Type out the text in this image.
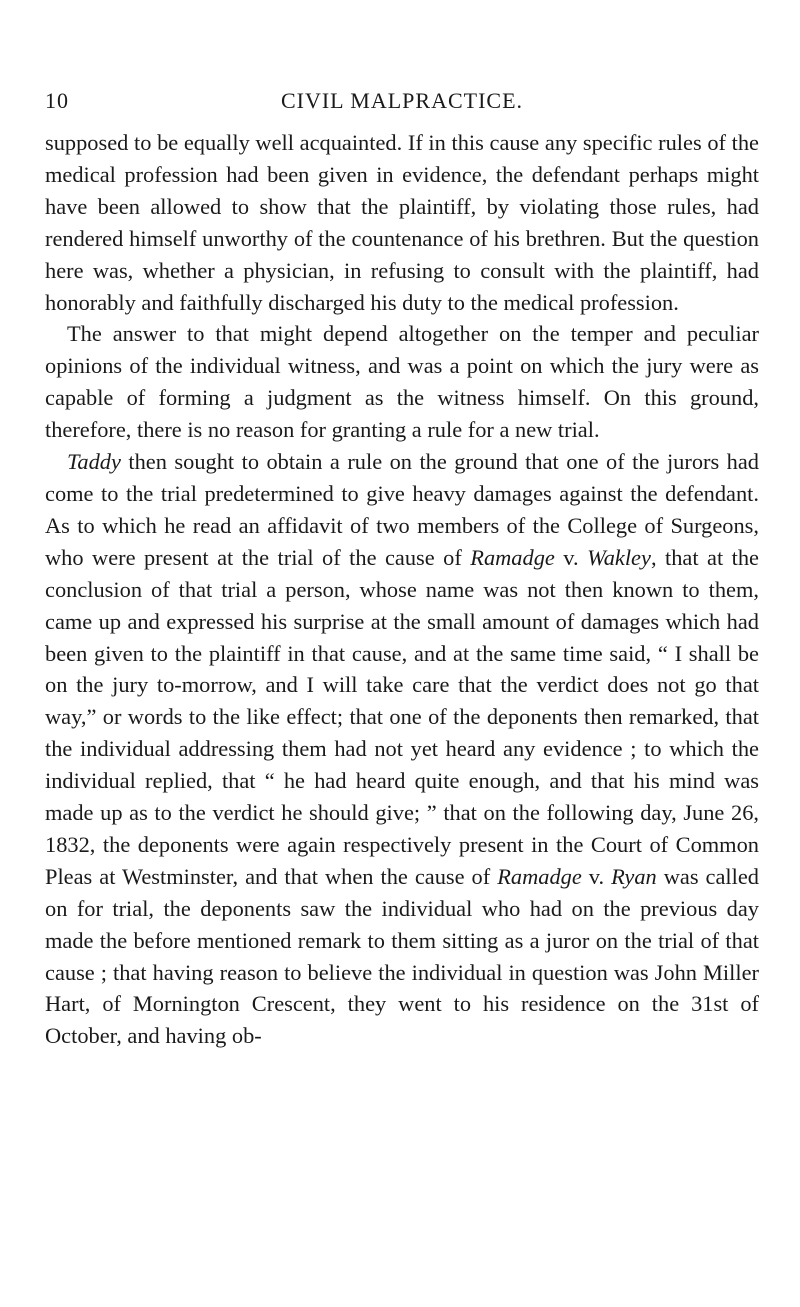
10	CIVIL MALPRACTICE.

supposed to be equally well acquainted. If in this cause any specific rules of the medical profession had been given in evidence, the defendant perhaps might have been allowed to show that the plaintiff, by violating those rules, had rendered himself unworthy of the countenance of his brethren. But the question here was, whether a physician, in refusing to consult with the plaintiff, had honorably and faithfully discharged his duty to the medical profession.

The answer to that might depend altogether on the temper and peculiar opinions of the individual witness, and was a point on which the jury were as capable of forming a judgment as the witness himself. On this ground, therefore, there is no reason for granting a rule for a new trial.

Taddy then sought to obtain a rule on the ground that one of the jurors had come to the trial predetermined to give heavy damages against the defendant. As to which he read an affidavit of two members of the College of Surgeons, who were present at the trial of the cause of Ramadge v. Wakley, that at the conclusion of that trial a person, whose name was not then known to them, came up and expressed his surprise at the small amount of damages which had been given to the plaintiff in that cause, and at the same time said, “ I shall be on the jury to-morrow, and I will take care that the verdict does not go that way,” or words to the like effect; that one of the deponents then remarked, that the individual addressing them had not yet heard any evidence ; to which the individual replied, that “ he had heard quite enough, and that his mind was made up as to the verdict he should give; ” that on the following day, June 26, 1832, the deponents were again respectively present in the Court of Common Pleas at Westminster, and that when the cause of Ramadge v. Ryan was called on for trial, the deponents saw the individual who had on the previous day made the before mentioned remark to them sitting as a juror on the trial of that cause ; that having reason to believe the individual in question was John Miller Hart, of Mornington Crescent, they went to his residence on the 31st of October, and having ob-
